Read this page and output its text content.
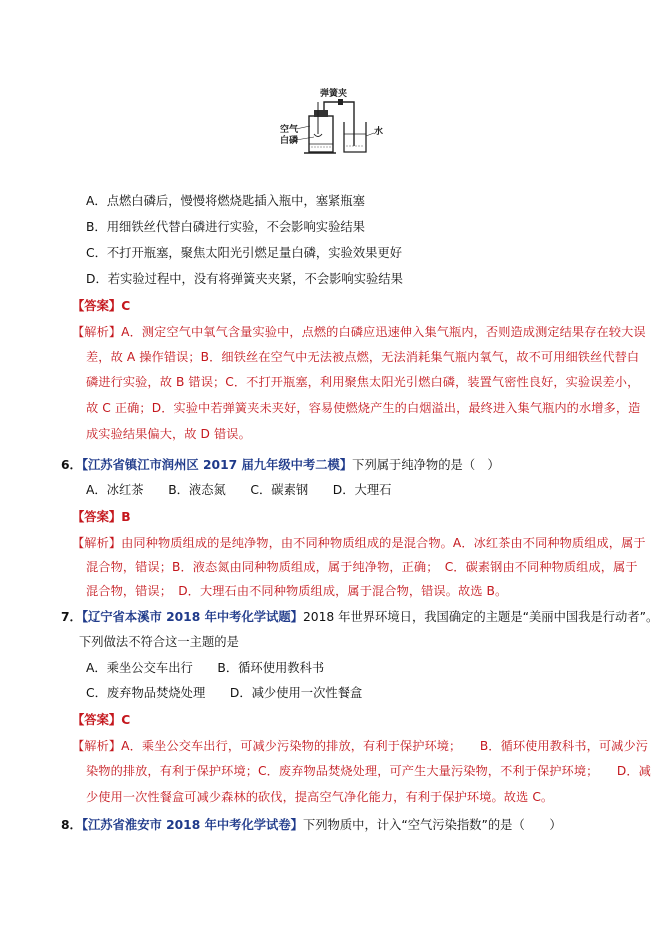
弹簧夹
空气
白磷
水
A．点燃白磷后，慢慢将燃烧匙插入瓶中，塞紧瓶塞
B．用细铁丝代替白磷进行实验，不会影响实验结果
C．不打开瓶塞，聚焦太阳光引燃足量白磷，实验效果更好
D．若实验过程中，没有将弹簧夹夹紧，不会影响实验结果
【答案】C
【解析】A．测定空气中氧气含量实验中，点燃的白磷应迅速伸入集气瓶内，否则造成测定结果存在较大误
差，故 A 操作错误；B．细铁丝在空气中无法被点燃，无法消耗集气瓶内氧气，故不可用细铁丝代替白
磷进行实验，故 B 错误；C．不打开瓶塞，利用聚焦太阳光引燃白磷，装置气密性良好，实验误差小，
故 C 正确；D．实验中若弹簧夹未夹好，容易使燃烧产生的白烟溢出，最终进入集气瓶内的水增多，造
成实验结果偏大，故 D 错误。
6．【江苏省镇江市润州区 2017 届九年级中考二模】下列属于纯净物的是（　）
A．冰红茶　　B．液态氮　　C．碳素钢　　D．大理石
【答案】B
【解析】由同种物质组成的是纯净物，由不同种物质组成的是混合物。A．冰红茶由不同种物质组成，属于
混合物，错误；B．液态氮由同种物质组成，属于纯净物，正确；　C．碳素钢由不同种物质组成，属于
混合物，错误；　D．大理石由不同种物质组成，属于混合物，错误。故选 B。
7．【辽宁省本溪市 2018 年中考化学试题】2018 年世界环境日，我国确定的主题是“美丽中国我是行动者”。
下列做法不符合这一主题的是
A．乘坐公交车出行　　B．循环使用教科书
C．废弃物品焚烧处理　　D．减少使用一次性餐盒
【答案】C
【解析】A．乘坐公交车出行，可减少污染物的排放，有利于保护环境；　　B．循环使用教科书，可减少污
染物的排放，有利于保护环境；C．废弃物品焚烧处理，可产生大量污染物，不利于保护环境；　　D．减
少使用一次性餐盒可减少森林的砍伐，提高空气净化能力，有利于保护环境。故选 C。
8．【江苏省淮安市 2018 年中考化学试卷】下列物质中，计入“空气污染指数”的是（　　）
